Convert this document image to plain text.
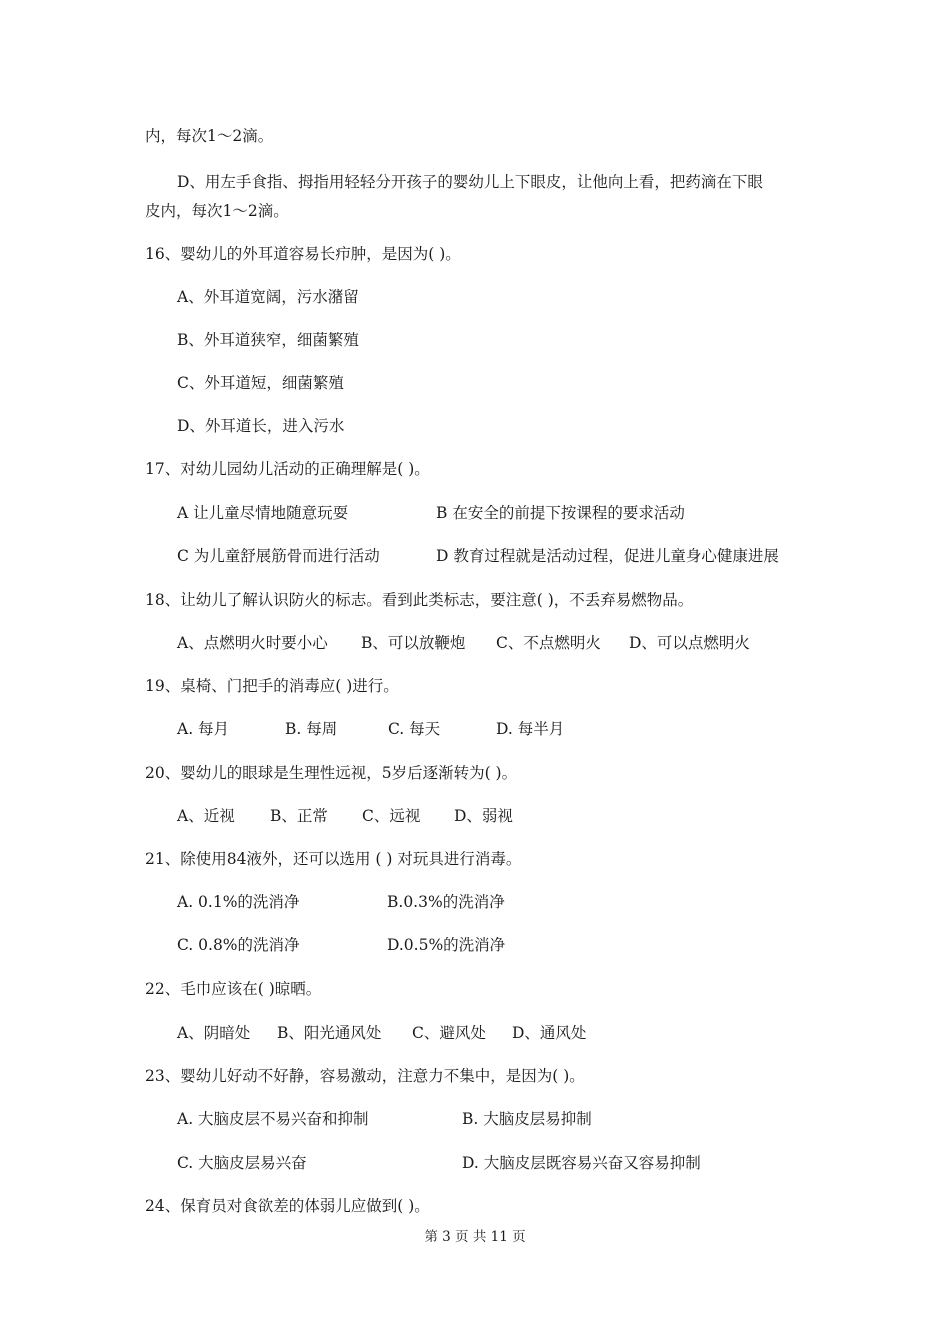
内，每次1～2滴。
D、用左手食指、拇指用轻轻分开孩子的婴幼儿上下眼皮，让他向上看，把药滴在下眼
皮内，每次1～2滴。
16、婴幼儿的外耳道容易长疖肿，是因为( )。
A、外耳道宽阔，污水潴留
B、外耳道狭窄，细菌繁殖
C、外耳道短，细菌繁殖
D、外耳道长，进入污水
17、对幼儿园幼儿活动的正确理解是( )。
A 让儿童尽情地随意玩耍	B 在安全的前提下按课程的要求活动
C 为儿童舒展筋骨而进行活动	D 教育过程就是活动过程，促进儿童身心健康进展
18、让幼儿了解认识防火的标志。看到此类标志，要注意( )，不丢弃易燃物品。
A、点燃明火时要小心 B、可以放鞭炮 C、不点燃明火 D、可以点燃明火
19、桌椅、门把手的消毒应( )进行。
A. 每月	B. 每周	C. 每天	D. 每半月
20、婴幼儿的眼球是生理性远视，5岁后逐渐转为( )。
A、近视 B、正常 C、远视 D、弱视
21、除使用84液外，还可以选用 ( ) 对玩具进行消毒。
A. 0.1%的洗消净	B.0.3%的洗消净
C. 0.8%的洗消净	D.0.5%的洗消净
22、毛巾应该在( )晾晒。
A、阴暗处 B、阳光通风处 C、避风处 D、通风处
23、婴幼儿好动不好静，容易激动，注意力不集中，是因为( )。
A. 大脑皮层不易兴奋和抑制	B. 大脑皮层易抑制
C. 大脑皮层易兴奋	D. 大脑皮层既容易兴奋又容易抑制
24、保育员对食欲差的体弱儿应做到( )。
第 3 页 共 11 页
